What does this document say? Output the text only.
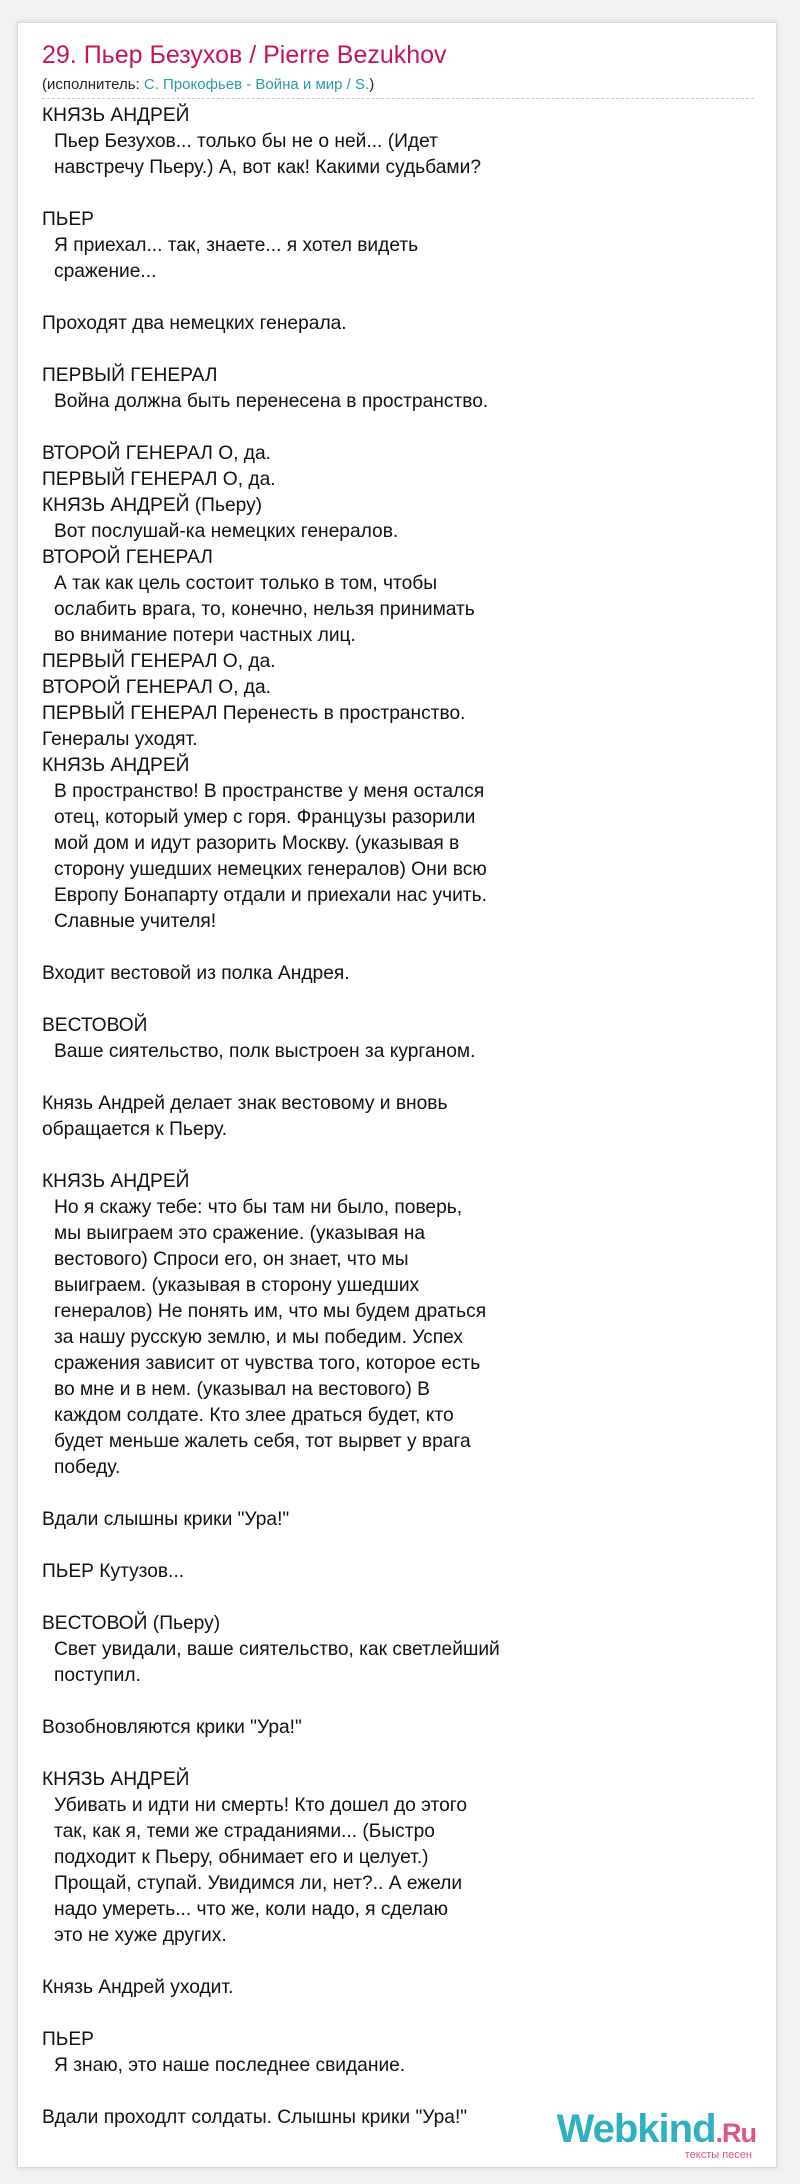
29. Пьер Безухов / Pierre Bezukhov
(исполнитель: С. Прокофьев - Война и мир / S.)
КНЯЗЬ АНДРЕЙ
Пьер Безухов... только бы не о ней... (Идет
навстречу Пьеру.) А, вот как! Какими судьбами?
ПЬЕР
Я приехал... так, знаете... я хотел видеть
сражение...
Проходят два немецких генерала.
ПЕРВЫЙ ГЕНЕРАЛ
Война должна быть перенесена в пространство.
ВТОРОЙ ГЕНЕРАЛ О, да.
ПЕРВЫЙ ГЕНЕРАЛ О, да.
КНЯЗЬ АНДРЕЙ (Пьеру)
Вот послушай-ка немецких генералов.
ВТОРОЙ ГЕНЕРАЛ
А так как цель состоит только в том, чтобы
ослабить врага, то, конечно, нельзя принимать
во внимание потери частных лиц.
ПЕРВЫЙ ГЕНЕРАЛ О, да.
ВТОРОЙ ГЕНЕРАЛ О, да.
ПЕРВЫЙ ГЕНЕРАЛ Перенесть в пространство.
Генералы уходят.
КНЯЗЬ АНДРЕЙ
В пространство! В пространстве у меня остался
отец, который умер с горя. Французы разорили
мой дом и идут разорить Москву. (указывая в
сторону ушедших немецких генералов) Они всю
Европу Бонапарту отдали и приехали нас учить.
Славные учителя!
Входит вестовой из полка Андрея.
ВЕСТОВОЙ
Ваше сиятельство, полк выстроен за курганом.
Князь Андрей делает знак вестовому и вновь
обращается к Пьеру.
КНЯЗЬ АНДРЕЙ
Но я скажу тебе: что бы там ни было, поверь,
мы выиграем это сражение. (указывая на
вестового) Спроси его, он знает, что мы
выиграем. (указывая в сторону ушедших
генералов) Не понять им, что мы будем драться
за нашу русскую землю, и мы победим. Успех
сражения зависит от чувства того, которое есть
во мне и в нем. (указывал на вестового) В
каждом солдате. Кто злее драться будет, кто
будет меньше жалеть себя, тот вырвет у врага
победу.
Вдали слышны крики "Ура!"
ПЬЕР Кутузов...
ВЕСТОВОЙ (Пьеру)
Свет увидали, ваше сиятельство, как светлейший
поступил.
Возобновляются крики "Ура!"
КНЯЗЬ АНДРЕЙ
Убивать и идти ни смерть! Кто дошел до этого
так, как я, теми же страданиями... (Быстро
подходит к Пьеру, обнимает его и целует.)
Прощай, ступай. Увидимся ли, нет?.. А ежели
надо умереть... что же, коли надо, я сделаю
это не хуже других.
Князь Андрей уходит.
ПЬЕР
Я знаю, это наше последнее свидание.
Вдали проходлт солдаты. Слышны крики "Ура!"	Webkind.Ru
тексты песен
